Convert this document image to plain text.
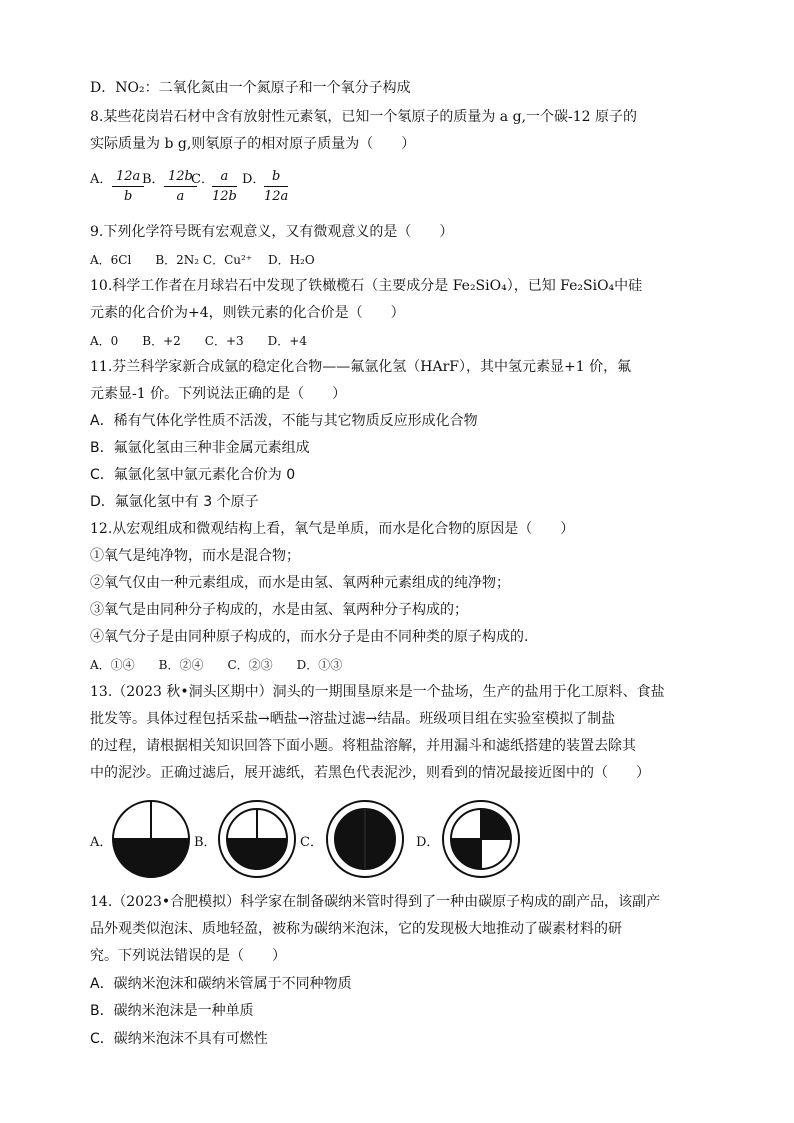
D．NO₂：二氧化氮由一个氮原子和一个氧分子构成
8.某些花岗岩石材中含有放射性元素氡，已知一个氡原子的质量为 a g,一个碳-12 原子的
实际质量为 b g,则氡原子的相对原子质量为（　　）
A． $\frac{12a}{b}$
B． $\frac{12b}{a}$
C．
$\frac{a}{12b}$ D．
$\frac{b}{12a}$
9.下列化学符号既有宏观意义，又有微观意义的是（　　）
A．6Cl　　B．2N₂ C．Cu²⁺　 D．H₂O
10.科学工作者在月球岩石中发现了铁橄榄石（主要成分是 Fe₂SiO₄），已知 Fe₂SiO₄中硅
元素的化合价为+4，则铁元素的化合价是（　　）
A．0　　B．+2　　C．+3　　D．+4
11.芬兰科学家新合成氩的稳定化合物——氟氩化氢（HArF），其中氢元素显+1 价，氟
元素显-1 价。下列说法正确的是（　　）
A．稀有气体化学性质不活泼，不能与其它物质反应形成化合物
B．氟氩化氢由三种非金属元素组成
C．氟氩化氢中氩元素化合价为 0
D．氟氩化氢中有 3 个原子
12.从宏观组成和微观结构上看，氧气是单质，而水是化合物的原因是（　　）
①氧气是纯净物，而水是混合物；
②氧气仅由一种元素组成，而水是由氢、氧两种元素组成的纯净物；
③氧气是由同种分子构成的，水是由氢、氧两种分子构成的；
④氧气分子是由同种原子构成的，而水分子是由不同种类的原子构成的.
A．①④　　B．②④　　C．②③　　D．①③
13.（2023 秋•洞头区期中）洞头的一期围垦原来是一个盐场，生产的盐用于化工原料、食盐
批发等。具体过程包括采盐→晒盐→溶盐过滤→结晶。班级项目组在实验室模拟了制盐
的过程，请根据相关知识回答下面小题。将粗盐溶解，并用漏斗和滤纸搭建的装置去除其
中的泥沙。正确过滤后，展开滤纸，若黑色代表泥沙，则看到的情况最接近图中的（　　）
A．	B．	C．	D．
14.（2023•合肥模拟）科学家在制备碳纳米管时得到了一种由碳原子构成的副产品，该副产
品外观类似泡沫、质地轻盈，被称为碳纳米泡沫，它的发现极大地推动了碳素材料的研
究。下列说法错误的是（　　）
A．碳纳米泡沫和碳纳米管属于不同种物质
B．碳纳米泡沫是一种单质
C．碳纳米泡沫不具有可燃性
